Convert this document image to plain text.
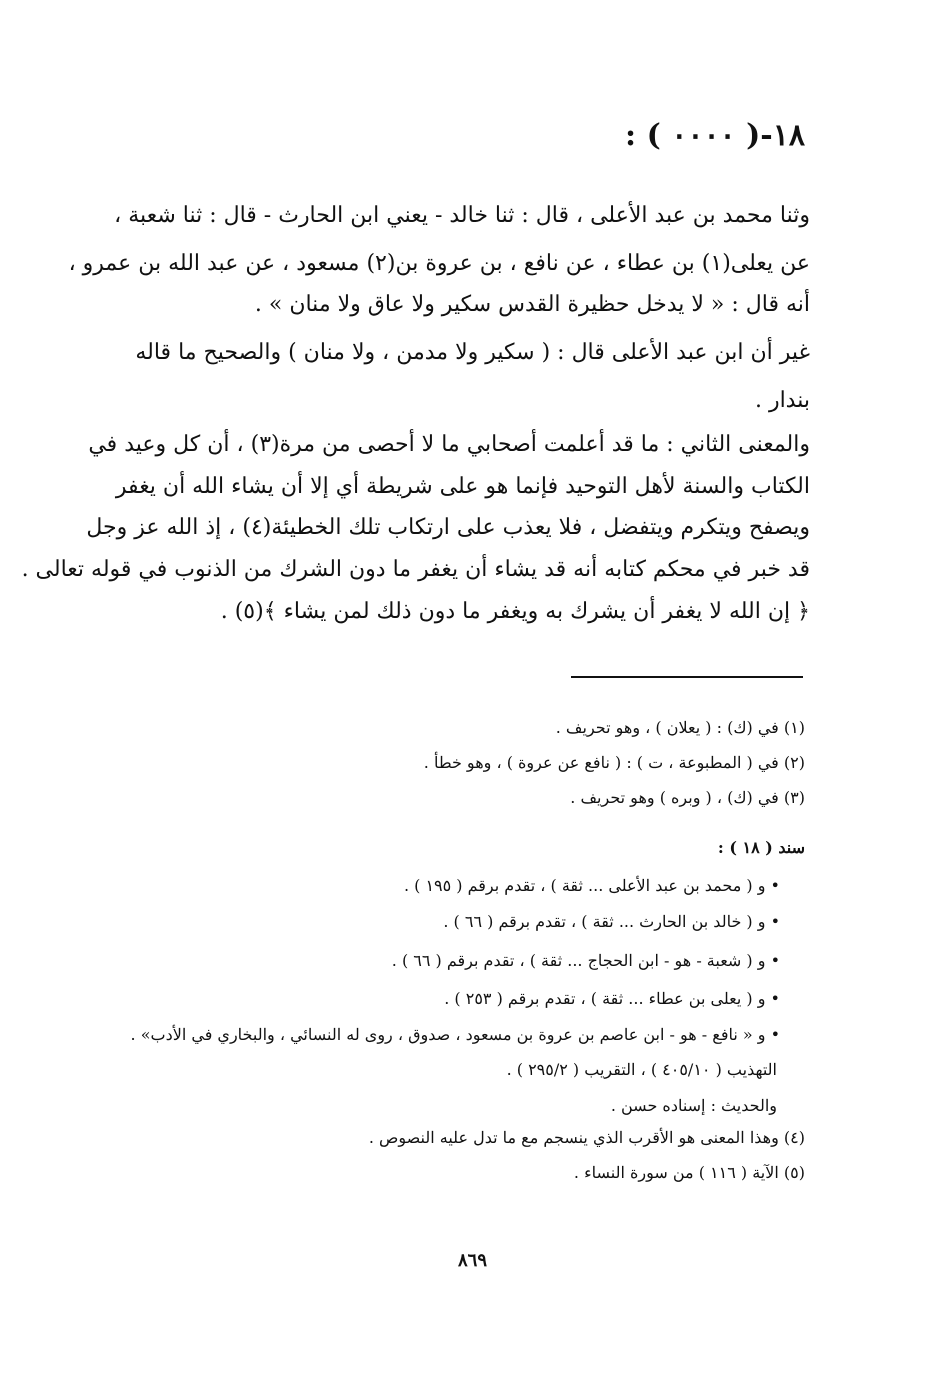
١٨-( ٠٠٠٠ ) :
وثنا محمد بن عبد الأعلى ، قال : ثنا خالد - يعني ابن الحارث - قال : ثنا شعبة ،
عن يعلى(١) بن عطاء ، عن نافع ، بن عروة بن(٢) مسعود ، عن عبد الله بن عمرو ،
أنه قال : « لا يدخل حظيرة القدس سكير ولا عاق ولا منان » .
غير أن ابن عبد الأعلى قال : ( سكير ولا مدمن ، ولا منان ) والصحيح ما قاله
بندار .
والمعنى الثاني : ما قد أعلمت أصحابي ما لا أحصى من مرة(٣) ، أن كل وعيد في
الكتاب والسنة لأهل التوحيد فإنما هو على شريطة أي إلا أن يشاء الله أن يغفر
ويصفح ويتكرم ويتفضل ، فلا يعذب على ارتكاب تلك الخطيئة(٤) ، إذ الله عز وجل
قد خبر في محكم كتابه أنه قد يشاء أن يغفر ما دون الشرك من الذنوب في قوله تعالى .
﴿ إن الله لا يغفر أن يشرك به ويغفر ما دون ذلك لمن يشاء ﴾(٥) .
(١) في (ك) : ( يعلان ) ، وهو تحريف .
(٢) في ( المطبوعة ، ت ) : ( نافع عن عروة ) ، وهو خطأ .
(٣) في (ك) ، ( وبره ) وهو تحريف .
سند ( ١٨ ) :
• و ( محمد بن عبد الأعلى ... ثقة ) ، تقدم برقم ( ١٩٥ ) .
• و ( خالد بن الحارث ... ثقة ) ، تقدم برقم ( ٦٦ ) .
• و ( شعبة - هو - ابن الحجاج ... ثقة ) ، تقدم برقم ( ٦٦ ) .
• و ( يعلى بن عطاء ... ثقة ) ، تقدم برقم ( ٢٥٣ ) .
• و « نافع - هو - ابن عاصم بن عروة بن مسعود ، صدوق ، روى له النسائي ، والبخاري في الأدب» .
التهذيب ( ٤٠٥/١٠ ) ، التقريب ( ٢٩٥/٢ ) .
والحديث : إسناده حسن .
(٤) وهذا المعنى هو الأقرب الذي ينسجم مع ما تدل عليه النصوص .
(٥) الآية ( ١١٦ ) من سورة النساء .
٨٦٩
